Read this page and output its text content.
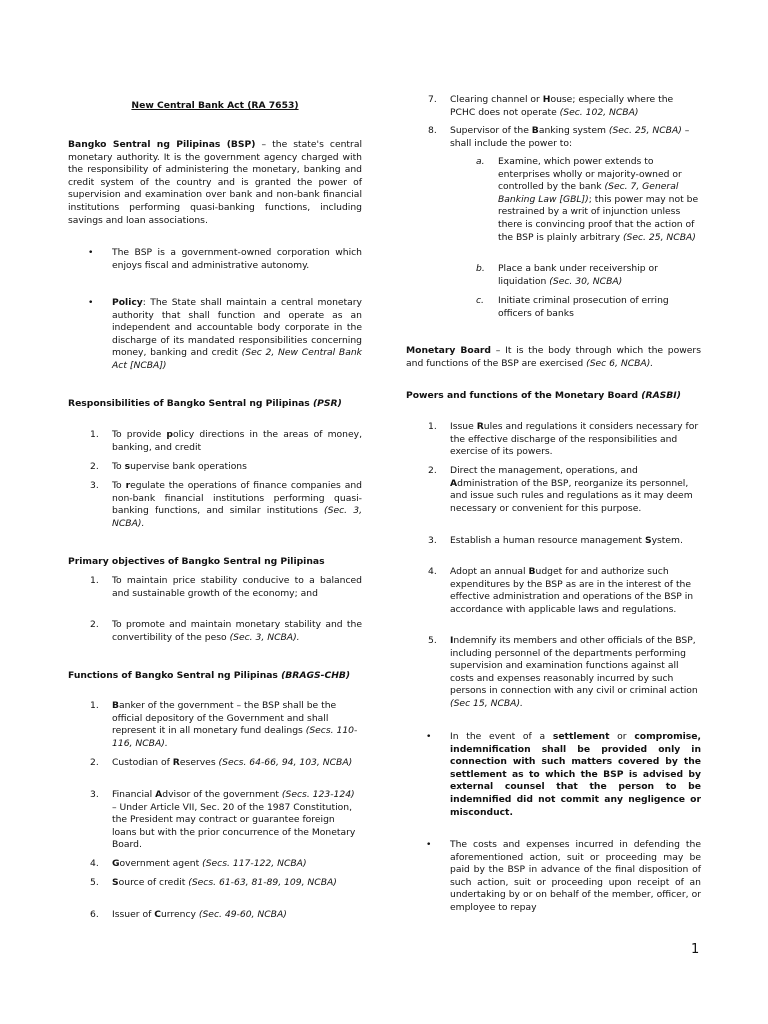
New Central Bank Act (RA 7653)

Bangko Sentral ng Pilipinas (BSP) – the state's central monetary authority. It is the government agency charged with the responsibility of administering the monetary, banking and credit system of the country and is granted the power of supervision and examination over bank and non-bank financial institutions performing quasi-banking functions, including savings and loan associations.

• The BSP is a government-owned corporation which enjoys fiscal and administrative autonomy.
• Policy: The State shall maintain a central monetary authority that shall function and operate as an independent and accountable body corporate in the discharge of its mandated responsibilities concerning money, banking and credit (Sec 2, New Central Bank Act [NCBA])

Responsibilities of Bangko Sentral ng Pilipinas (PSR)

1. To provide policy directions in the areas of money, banking, and credit
2. To supervise bank operations
3. To regulate the operations of finance companies and non-bank financial institutions performing quasi-banking functions, and similar institutions (Sec. 3, NCBA).

Primary objectives of Bangko Sentral ng Pilipinas

1. To maintain price stability conducive to a balanced and sustainable growth of the economy; and
2. To promote and maintain monetary stability and the convertibility of the peso (Sec. 3, NCBA).

Functions of Bangko Sentral ng Pilipinas (BRAGS-CHB)

1. Banker of the government – the BSP shall be the official depository of the Government and shall represent it in all monetary fund dealings (Secs. 110- 116, NCBA).
2. Custodian of Reserves (Secs. 64-66, 94, 103, NCBA)
3. Financial Advisor of the government (Secs. 123-124) – Under Article VII, Sec. 20 of the 1987 Constitution, the President may contract or guarantee foreign loans but with the prior concurrence of the Monetary Board.
4. Government agent (Secs. 117-122, NCBA)
5. Source of credit (Secs. 61-63, 81-89, 109, NCBA)
6. Issuer of Currency (Sec. 49-60, NCBA)
7. Clearing channel or House; especially where the PCHC does not operate (Sec. 102, NCBA)
8. Supervisor of the Banking system (Sec. 25, NCBA) – shall include the power to:
a. Examine, which power extends to enterprises wholly or majority-owned or controlled by the bank (Sec. 7, General Banking Law [GBL]); this power may not be restrained by a writ of injunction unless there is convincing proof that the action of the BSP is plainly arbitrary (Sec. 25, NCBA)
b. Place a bank under receivership or liquidation (Sec. 30, NCBA)
c. Initiate criminal prosecution of erring officers of banks

Monetary Board – It is the body through which the powers and functions of the BSP are exercised (Sec 6, NCBA).

Powers and functions of the Monetary Board (RASBI)

1. Issue Rules and regulations it considers necessary for the effective discharge of the responsibilities and exercise of its powers.
2. Direct the management, operations, and Administration of the BSP, reorganize its personnel, and issue such rules and regulations as it may deem necessary or convenient for this purpose.
3. Establish a human resource management System.
4. Adopt an annual Budget for and authorize such expenditures by the BSP as are in the interest of the effective administration and operations of the BSP in accordance with applicable laws and regulations.
5. Indemnify its members and other officials of the BSP, including personnel of the departments performing supervision and examination functions against all costs and expenses reasonably incurred by such persons in connection with any civil or criminal action (Sec 15, NCBA).
• In the event of a settlement or compromise, indemnification shall be provided only in connection with such matters covered by the settlement as to which the BSP is advised by external counsel that the person to be indemnified did not commit any negligence or misconduct.
• The costs and expenses incurred in defending the aforementioned action, suit or proceeding may be paid by the BSP in advance of the final disposition of such action, suit or proceeding upon receipt of an undertaking by or on behalf of the member, officer, or employee to repay
1
